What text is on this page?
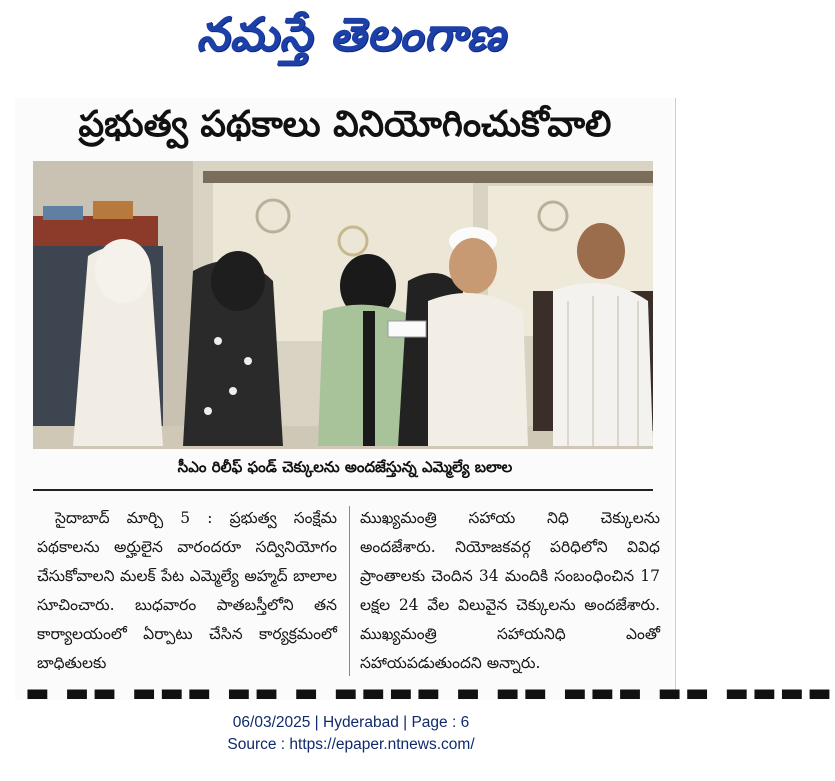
నమస్తే తెలంగాణ
ప్రభుత్వ పథకాలు వినియోగించుకోవాలి
సీఎం రిలీఫ్ ఫండ్ చెక్కులను అందజేస్తున్న ఎమ్మెల్యే బలాల
సైదాబాద్ మార్చి 5 : ప్రభుత్వ సంక్షేమ పథకాలను అర్హులైన వారందరూ సద్వినియోగం చేసుకోవాలని మలక్ పేట ఎమ్మెల్యే అహ్మద్ బాలాల సూచించారు. బుధవారం పాతబస్తీలోని తన కార్యాలయంలో ఏర్పాటు చేసిన కార్యక్రమంలో బాధితులకు
ముఖ్యమంత్రి సహాయ నిధి చెక్కులను అందజేశారు. నియోజకవర్గ పరిధిలోని వివిధ ప్రాంతాలకు చెందిన 34 మందికి సంబంధించిన 17 లక్షల 24 వేల విలువైన చెక్కులను అందజేశారు. ముఖ్యమంత్రి సహాయనిధి ఎంతో సహాయపడుతుందని అన్నారు.
▬ ▬▬ ▬▬▬ ▬▬ ▬ ▬▬▬▬ ▬ ▬▬ ▬▬▬ ▬▬ ▬▬▬▬
06/03/2025 | Hyderabad | Page : 6
Source : https://epaper.ntnews.com/
